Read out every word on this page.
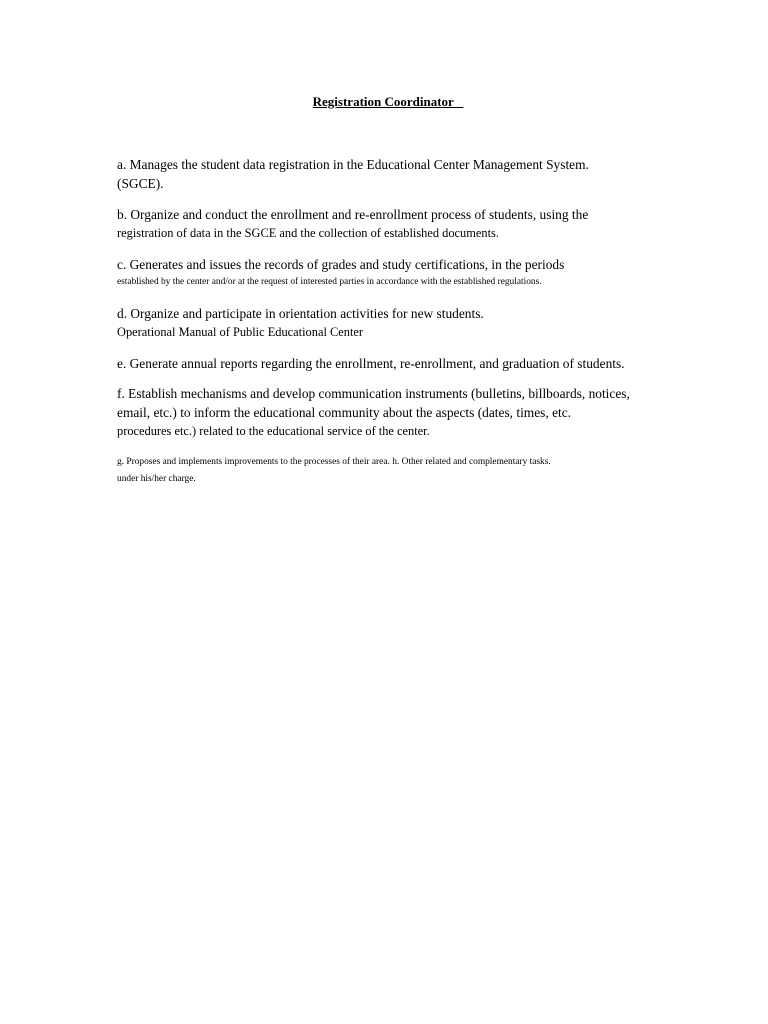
Registration Coordinator
a. Manages the student data registration in the Educational Center Management System.
(SGCE).
b. Organize and conduct the enrollment and re-enrollment process of students, using the
registration of data in the SGCE and the collection of established documents.
c. Generates and issues the records of grades and study certifications, in the periods
established by the center and/or at the request of interested parties in accordance with the established regulations.
d. Organize and participate in orientation activities for new students.
Operational Manual of Public Educational Center
e. Generate annual reports regarding the enrollment, re-enrollment, and graduation of students.
f. Establish mechanisms and develop communication instruments (bulletins, billboards, notices,
email, etc.) to inform the educational community about the aspects (dates, times, etc.
procedures etc.) related to the educational service of the center.
g. Proposes and implements improvements to the processes of their area. h. Other related and complementary tasks.
under his/her charge.
